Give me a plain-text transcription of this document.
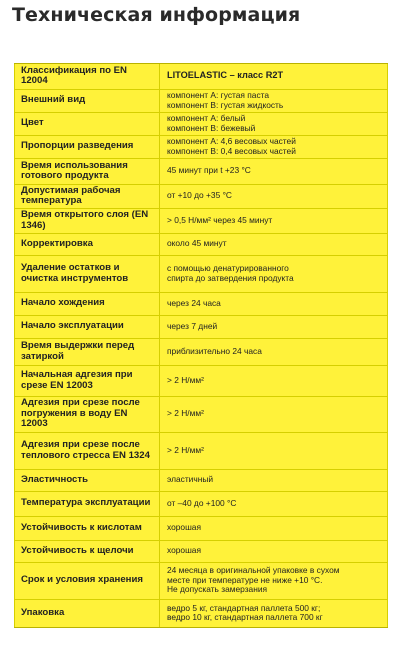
Техническая информация
Классификация по EN 12004	LITOELASTIC – класс R2T

Внешний вид	компонент A: густая паста
компонент B: густая жидкость

Цвет	компонент A: белый
компонент B: бежевый

Пропорции разведения	компонент A: 4,6 весовых частей
компонент B: 0,4 весовых частей

Время использования готового продукта	45 минут при t +23 °C

Допустимая рабочая температура	от +10 до +35 °C

Время открытого слоя (EN 1346)	> 0,5 Н/мм² через 45 минут

Корректировка	около 45 минут

Удаление остатков и очистка инструментов	с помощью денатурированного
спирта до затвердения продукта

Начало хождения	через 24 часа

Начало эксплуатации	через 7 дней

Время выдержки перед затиркой	приблизительно 24 часа

Начальная адгезия при срезе EN 12003	> 2 Н/мм²

Адгезия при срезе после погружения в воду EN 12003	> 2 Н/мм²

Адгезия при срезе после теплового стресса EN 1324	> 2 Н/мм²

Эластичность	эластичный

Температура эксплуатации	от –40 до +100 °C

Устойчивость к кислотам	хорошая

Устойчивость к щелочи	хорошая

Срок и условия хранения	24 месяца в оригинальной упаковке в сухом
месте при температуре не ниже +10 °C.
Не допускать замерзания

Упаковка	ведро 5 кг, стандартная паллета 500 кг;
ведро 10 кг, стандартная паллета 700 кг
